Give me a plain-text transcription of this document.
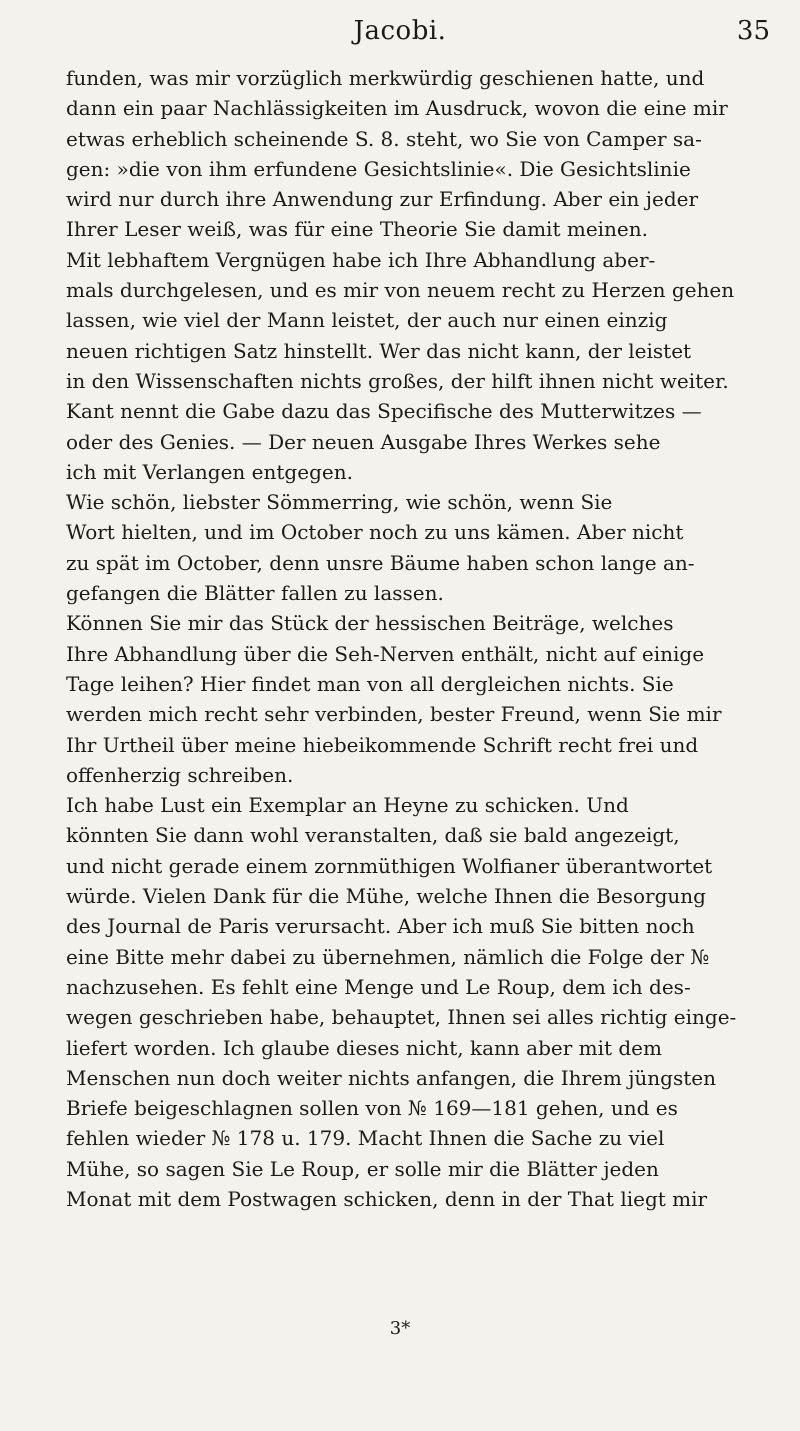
Jacobi.	35
funden, was mir vorzüglich merkwürdig geschienen hatte, und
dann ein paar Nachlässigkeiten im Ausdruck, wovon die eine mir
etwas erheblich scheinende S. 8. steht, wo Sie von Camper sa-
gen: »die von ihm erfundene Gesichtslinie«. Die Gesichtslinie
wird nur durch ihre Anwendung zur Erfindung. Aber ein jeder
Ihrer Leser weiß, was für eine Theorie Sie damit meinen.
Mit lebhaftem Vergnügen habe ich Ihre Abhandlung aber-
mals durchgelesen, und es mir von neuem recht zu Herzen gehen
lassen, wie viel der Mann leistet, der auch nur einen einzig
neuen richtigen Satz hinstellt. Wer das nicht kann, der leistet
in den Wissenschaften nichts großes, der hilft ihnen nicht weiter.
Kant nennt die Gabe dazu das Specifische des Mutterwitzes —
oder des Genies. — Der neuen Ausgabe Ihres Werkes sehe
ich mit Verlangen entgegen.
Wie schön, liebster Sömmerring, wie schön, wenn Sie
Wort hielten, und im October noch zu uns kämen. Aber nicht
zu spät im October, denn unsre Bäume haben schon lange an-
gefangen die Blätter fallen zu lassen.
Können Sie mir das Stück der hessischen Beiträge, welches
Ihre Abhandlung über die Seh-Nerven enthält, nicht auf einige
Tage leihen? Hier findet man von all dergleichen nichts. Sie
werden mich recht sehr verbinden, bester Freund, wenn Sie mir
Ihr Urtheil über meine hiebeikommende Schrift recht frei und
offenherzig schreiben.
Ich habe Lust ein Exemplar an Heyne zu schicken. Und
könnten Sie dann wohl veranstalten, daß sie bald angezeigt,
und nicht gerade einem zornmüthigen Wolfianer überantwortet
würde. Vielen Dank für die Mühe, welche Ihnen die Besorgung
des Journal de Paris verursacht. Aber ich muß Sie bitten noch
eine Bitte mehr dabei zu übernehmen, nämlich die Folge der №
nachzusehen. Es fehlt eine Menge und Le Roup, dem ich des-
wegen geschrieben habe, behauptet, Ihnen sei alles richtig einge-
liefert worden. Ich glaube dieses nicht, kann aber mit dem
Menschen nun doch weiter nichts anfangen, die Ihrem jüngsten
Briefe beigeschlagnen sollen von № 169—181 gehen, und es
fehlen wieder № 178 u. 179. Macht Ihnen die Sache zu viel
Mühe, so sagen Sie Le Roup, er solle mir die Blätter jeden
Monat mit dem Postwagen schicken, denn in der That liegt mir
3*
